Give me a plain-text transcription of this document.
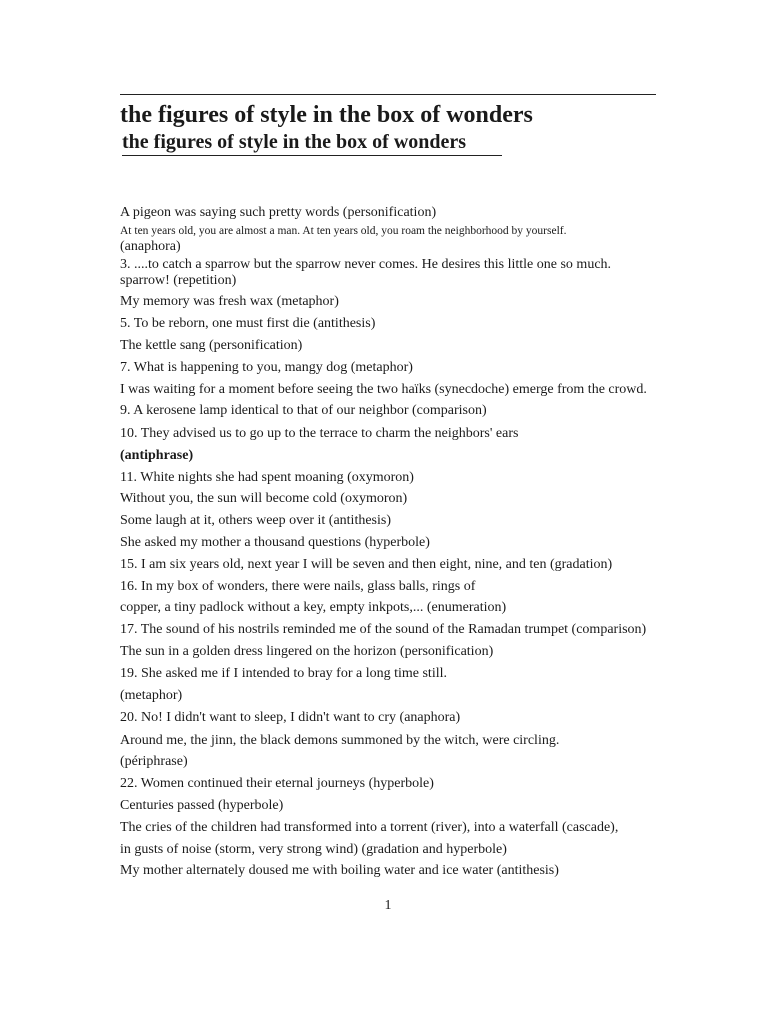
the figures of style in the box of wonders
the figures of style in the box of wonders
A pigeon was saying such pretty words (personification)
At ten years old, you are almost a man. At ten years old, you roam the neighborhood by yourself.
(anaphora)
3. ....to catch a sparrow but the sparrow never comes. He desires this little one so much.
sparrow! (repetition)
My memory was fresh wax (metaphor)
5. To be reborn, one must first die (antithesis)
The kettle sang (personification)
7. What is happening to you, mangy dog (metaphor)
I was waiting for a moment before seeing the two haïks (synecdoche) emerge from the crowd.
9. A kerosene lamp identical to that of our neighbor (comparison)
10. They advised us to go up to the terrace to charm the neighbors' ears
(antiphrase)
11. White nights she had spent moaning (oxymoron)
Without you, the sun will become cold (oxymoron)
Some laugh at it, others weep over it (antithesis)
She asked my mother a thousand questions (hyperbole)
15. I am six years old, next year I will be seven and then eight, nine, and ten (gradation)
16. In my box of wonders, there were nails, glass balls, rings of
copper, a tiny padlock without a key, empty inkpots,... (enumeration)
17. The sound of his nostrils reminded me of the sound of the Ramadan trumpet (comparison)
The sun in a golden dress lingered on the horizon (personification)
19. She asked me if I intended to bray for a long time still.
(metaphor)
20. No! I didn't want to sleep, I didn't want to cry (anaphora)
Around me, the jinn, the black demons summoned by the witch, were circling.
(périphrase)
22. Women continued their eternal journeys (hyperbole)
Centuries passed (hyperbole)
The cries of the children had transformed into a torrent (river), into a waterfall (cascade),
in gusts of noise (storm, very strong wind) (gradation and hyperbole)
My mother alternately doused me with boiling water and ice water (antithesis)
1
